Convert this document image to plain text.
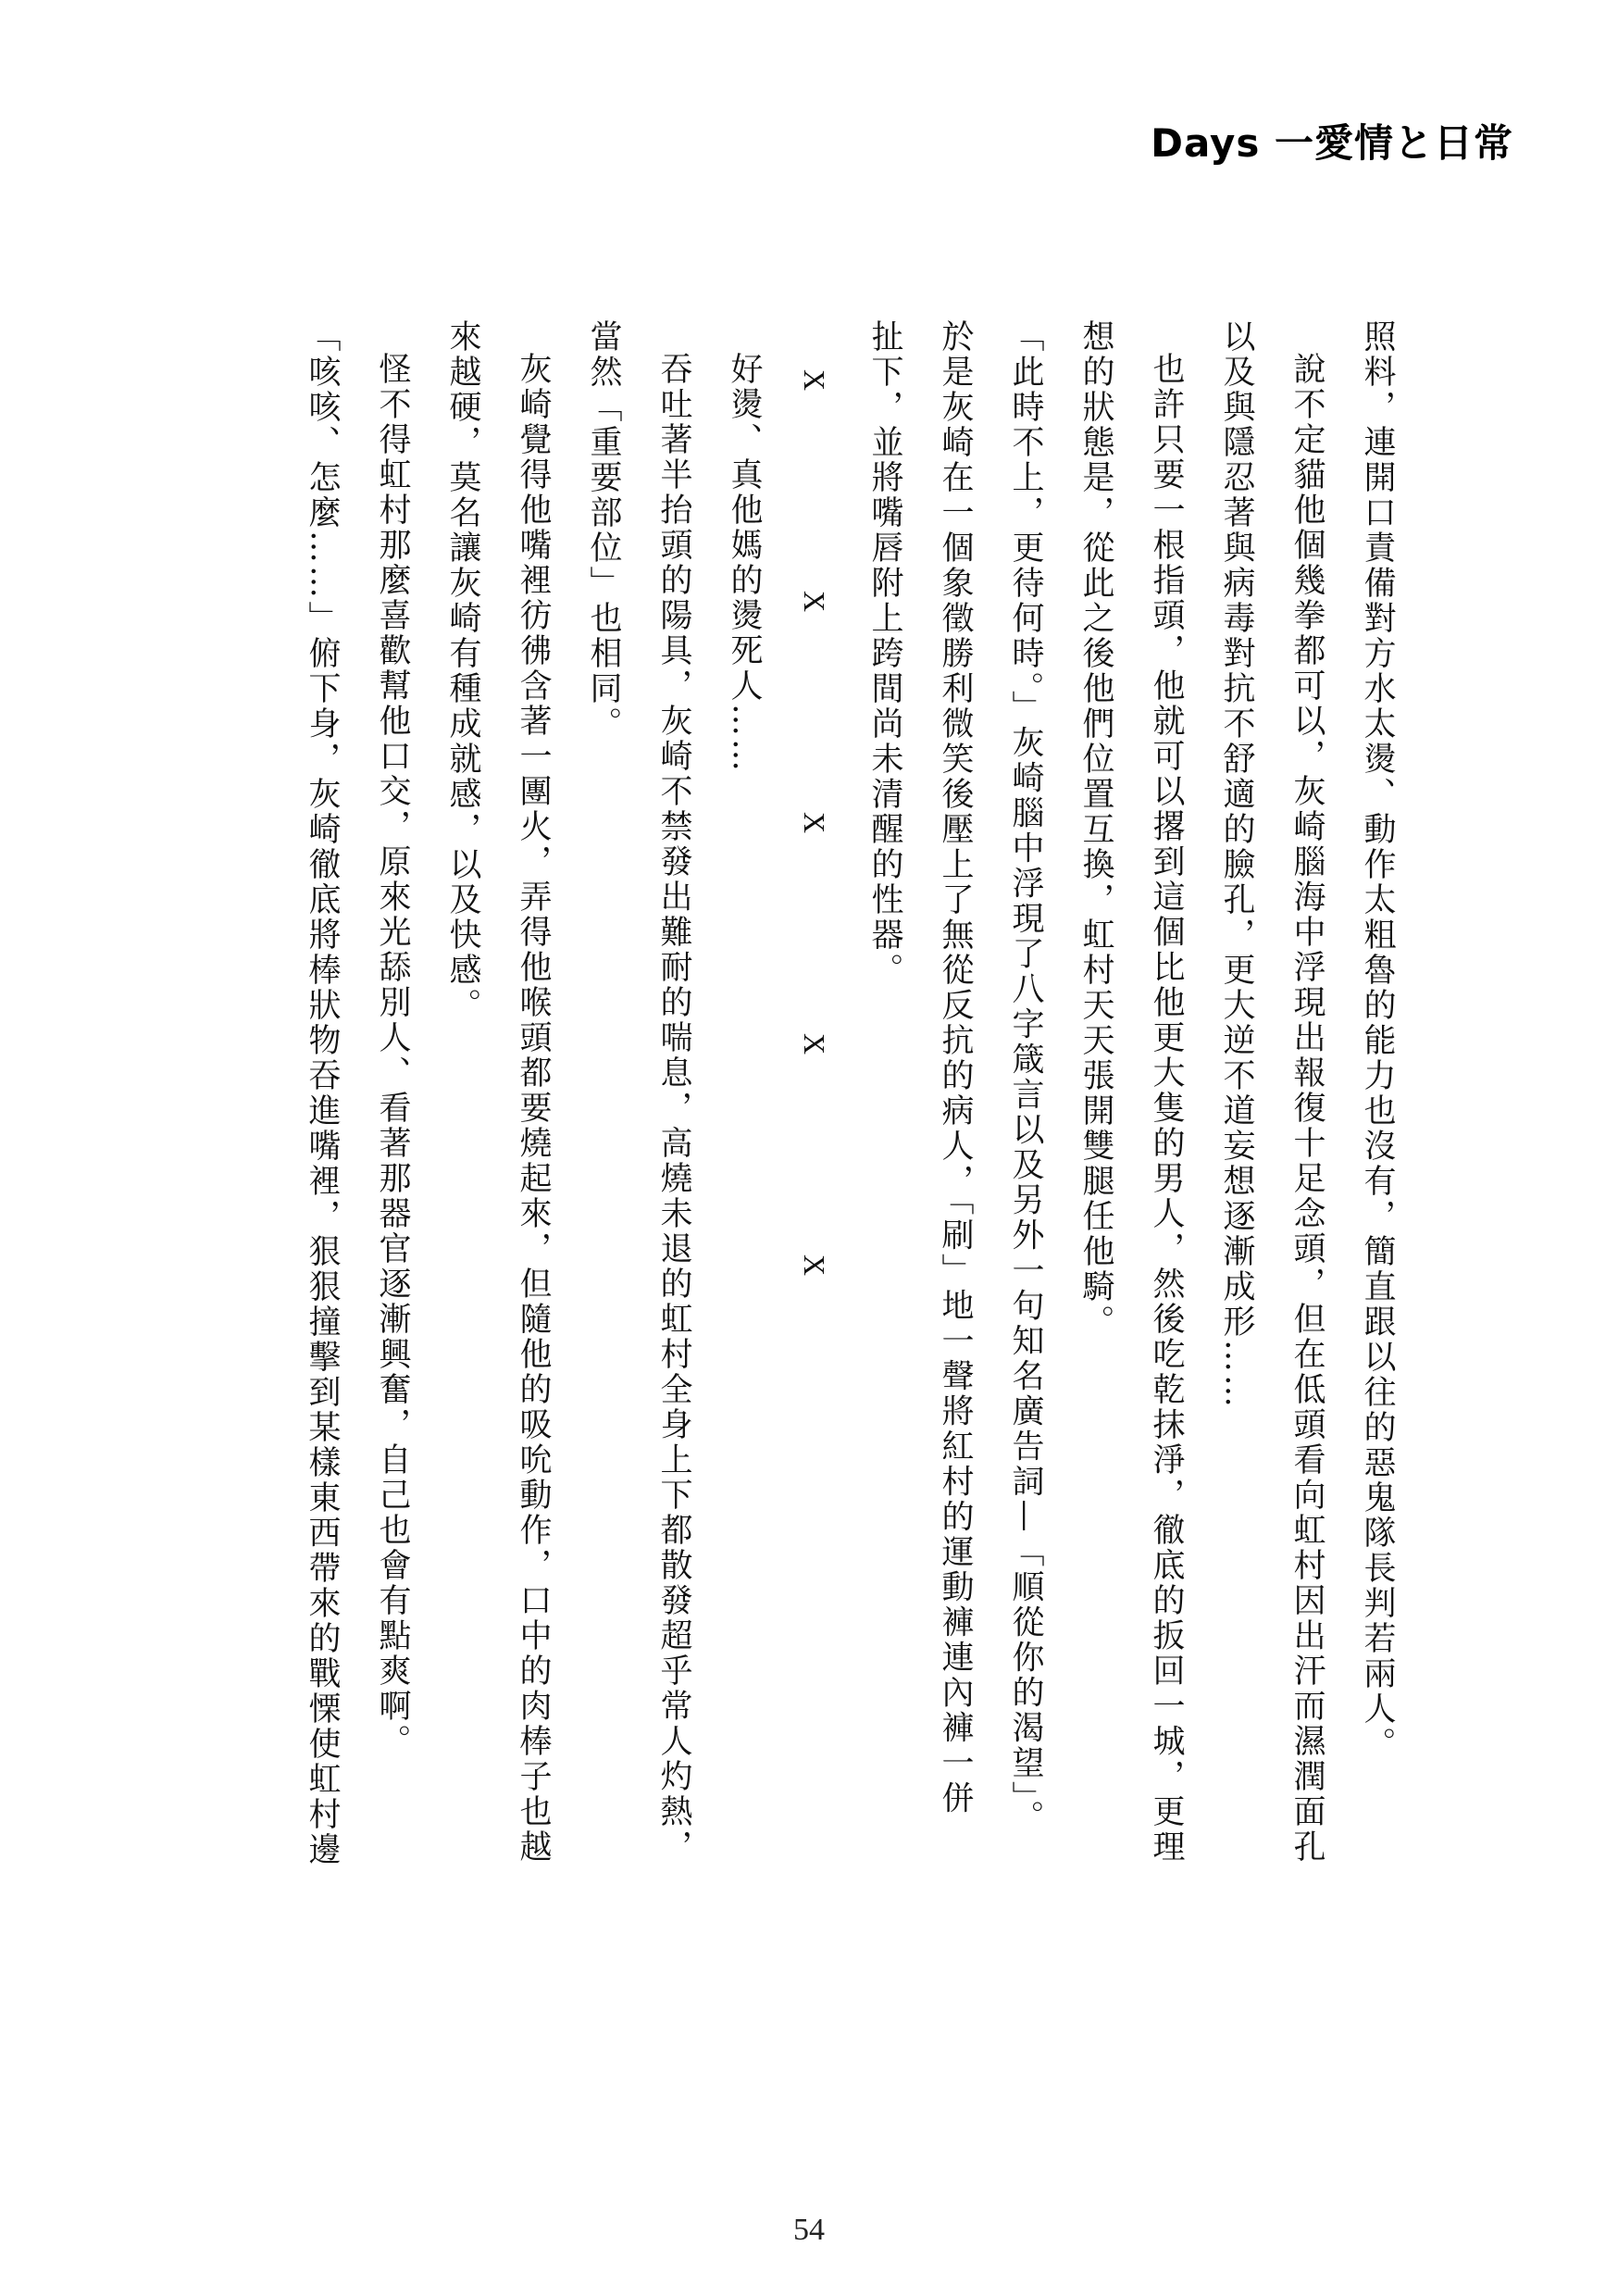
Days 一愛情と日常

照料，連開口責備對方水太燙、動作太粗魯的能力也沒有，簡直跟以往的惡鬼隊長判若兩人。

說不定貓他個幾拳都可以，灰崎腦海中浮現出報復十足念頭，但在低頭看向虹村因出汗而濕潤面孔

以及與隱忍著與病毒對抗不舒適的臉孔，更大逆不道妄想逐漸成形……

也許只要一根指頭，他就可以撂到這個比他更大隻的男人，然後吃乾抹淨，徹底的扳回一城，更理

想的狀態是，從此之後他們位置互換，虹村天天張開雙腿任他騎。

「此時不上，更待何時。」灰崎腦中浮現了八字箴言以及另外一句知名廣告詞—「順從你的渴望」。

於是灰崎在一個象徵勝利微笑後壓上了無從反抗的病人，「刷」地一聲將紅村的運動褲連內褲一併

扯下，並將嘴唇附上跨間尚未清醒的性器。

XXXXX

好燙、真他媽的燙死人……

吞吐著半抬頭的陽具，灰崎不禁發出難耐的喘息，高燒未退的虹村全身上下都散發超乎常人灼熱，

當然「重要部位」也相同。

灰崎覺得他嘴裡彷彿含著一團火，弄得他喉頭都要燒起來，但隨他的吸吮動作，口中的肉棒子也越

來越硬，莫名讓灰崎有種成就感，以及快感。

怪不得虹村那麼喜歡幫他口交，原來光舔別人、看著那器官逐漸興奮，自己也會有點爽啊。

「咳咳、怎麼……」俯下身，灰崎徹底將棒狀物吞進嘴裡，狠狠撞擊到某樣東西帶來的戰慄使虹村邊

54
